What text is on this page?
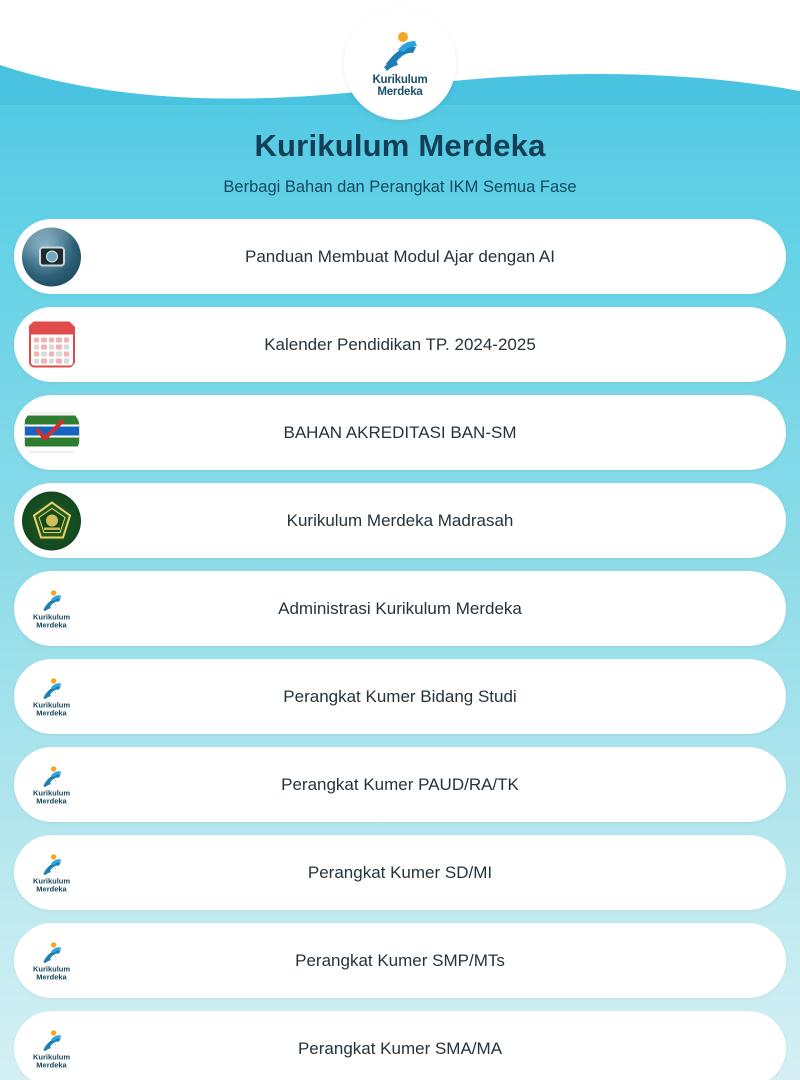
Kurikulum
Merdeka
Kurikulum Merdeka
Berbagi Bahan dan Perangkat IKM Semua Fase
Panduan Membuat Modul Ajar dengan AI
Kalender Pendidikan TP. 2024-2025
BAHAN AKREDITASI BAN-SM
Kurikulum Merdeka Madrasah
Kurikulum
Merdeka
Administrasi Kurikulum Merdeka
Kurikulum
Merdeka
Perangkat Kumer Bidang Studi
Kurikulum
Merdeka
Perangkat Kumer PAUD/RA/TK
Kurikulum
Merdeka
Perangkat Kumer SD/MI
Kurikulum
Merdeka
Perangkat Kumer SMP/MTs
Kurikulum
Merdeka
Perangkat Kumer SMA/MA
